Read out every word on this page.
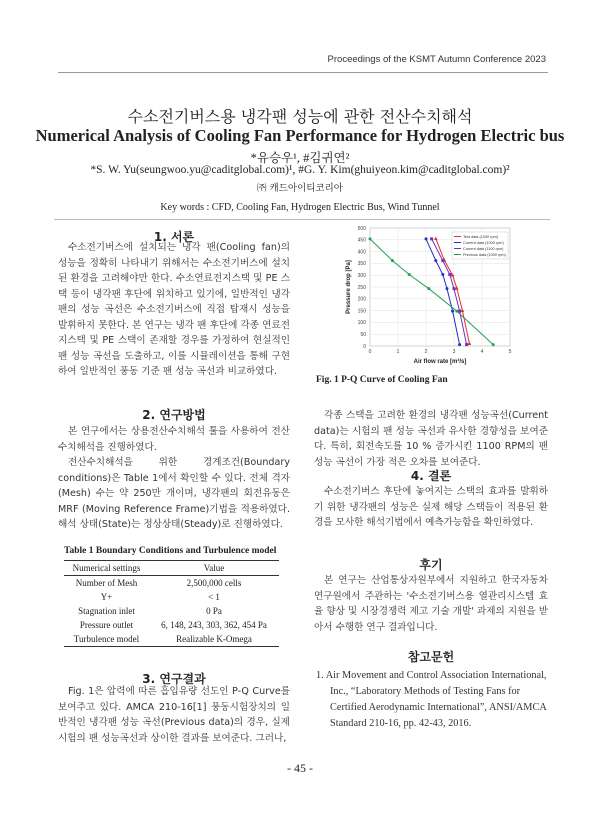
Proceedings of the KSMT Autumn Conference 2023
수소전기버스용 냉각팬 성능에 관한 전산수치해석
Numerical Analysis of Cooling Fan Performance for Hydrogen Electric bus
*유승우¹, #김귀연²
*S. W. Yu(seungwoo.yu@caditglobal.com)¹, #G. Y. Kim(ghuiyeon.kim@caditglobal.com)²
㈜ 캐드아이티코리아
Key words : CFD, Cooling Fan, Hydrogen Electric Bus, Wind Tunnel
1. 서론

수소전기버스에 설치되는 냉각 팬(Cooling fan)의 성능을 정확히 나타내기 위해서는 수소전기버스에 설치된 환경을 고려해야만 한다. 수소연료전지스택 및 PE 스택 등이 냉각팬 후단에 위치하고 있기에, 일반적인 냉각팬의 성능 곡선은 수소전기버스에 직접 탑재시 성능을 발휘하지 못한다. 본 연구는 냉각 팬 후단에 각종 연료전지스택 및 PE 스택이 존재할 경우를 가정하여 현실적인 팬 성능 곡선을 도출하고, 이를 시뮬레이션을 통해 구현하여 일반적인 풍동 기준 팬 성능 곡선과 비교하였다.

2. 연구방법

본 연구에서는 상용전산수치해석 툴을 사용하여 전산수치해석을 진행하였다.

전산수치해석을 위한 경계조건(Boundary conditions)은 Table 1에서 확인할 수 있다. 전체 격자(Mesh) 수는 약 250만 개이며, 냉각팬의 회전유동은 MRF (Moving Reference Frame)기법을 적용하였다. 해석 상태(State)는 정상상태(Steady)로 진행하였다.

Table 1 Boundary Conditions and Turbulence model
Numerical settings	Value
Number of Mesh	2,500,000 cells
Y+	< 1
Stagnation inlet	0 Pa
Pressure outlet	6, 148, 243, 303, 362, 454 Pa
Turbulence model	Realizable K-Omega
3. 연구결과

Fig. 1은 압력에 따른 흡입유량 선도인 P-Q Curve를 보여주고 있다. AMCA 210-16[1] 풍동시험장치의 일반적인 냉각팬 성능 곡선(Previous data)의 경우, 실제 시험의 팬 성능곡선과 상이한 결과를 보여준다. 그러나,

0
50
100
150
200
250
300
350
400
450
500
0	1	2	3	4	5
Air flow rate [m³/s]
Pressure drop [Pa]
Test data (1000 rpm)
Current data (1000 rpm)
Current data (1100 rpm)
Previous data (1000 rpm)
Fig. 1 P-Q Curve of Cooling Fan

각종 스택을 고려한 환경의 냉각팬 성능곡선(Current data)는 시험의 팬 성능 곡선과 유사한 경향성을 보여준다. 특히, 회전속도를 10 % 증가시킨 1100 RPM의 팬 성능 곡선이 가장 적은 오차를 보여준다.

4. 결론

수소전기버스 후단에 놓여지는 스택의 효과를 발휘하기 위한 냉각팬의 성능은 실제 해당 스택들이 적용된 환경을 모사한 해석기법에서 예측가능함을 확인하였다.

후기

본 연구는 산업통상자원부에서 지원하고 한국자동차연구원에서 주관하는 '수소전기버스용 열관리시스템 효율 향상 및 시장경쟁력 제고 기술 개발' 과제의 지원을 받아서 수행한 연구 결과입니다.

참고문헌
1. Air Movement and Control Association International, Inc., “Laboratory Methods of Testing Fans for Certified Aerodynamic International”, ANSI/AMCA Standard 210-16, pp. 42-43, 2016.
- 45 -
